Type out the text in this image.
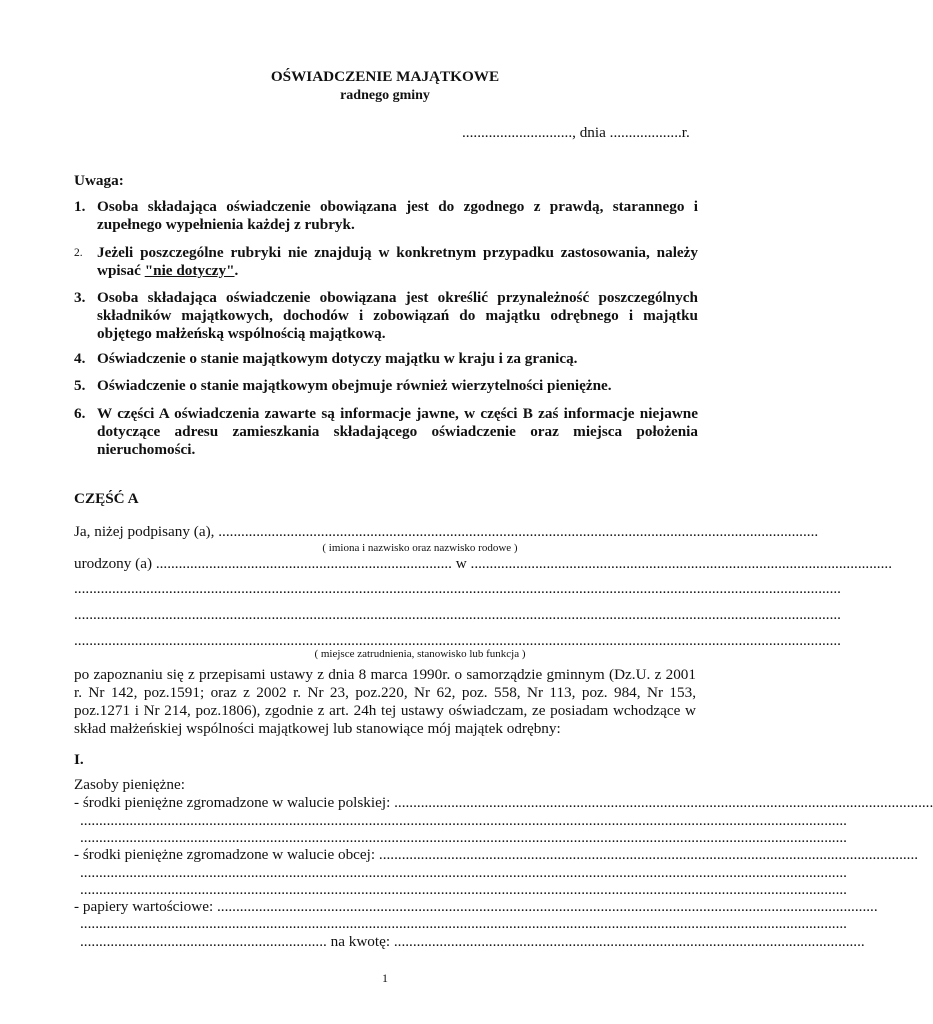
OŚWIADCZENIE MAJĄTKOWE
radnego gminy
............................., dnia ...................r.
Uwaga:
1. Osoba składająca oświadczenie obowiązana jest do zgodnego z prawdą, starannego i zupełnego wypełnienia każdej z rubryk.
2. Jeżeli poszczególne rubryki nie znajdują w konkretnym przypadku zastosowania, należy wpisać "nie dotyczy".
3. Osoba składająca oświadczenie obowiązana jest określić przynależność poszczególnych składników majątkowych, dochodów i zobowiązań do majątku odrębnego i majątku objętego małżeńską wspólnością majątkową.
4. Oświadczenie o stanie majątkowym dotyczy majątku w kraju i za granicą.
5. Oświadczenie o stanie majątkowym obejmuje również wierzytelności pieniężne.
6. W części A oświadczenia zawarte są informacje jawne, w części B zaś informacje niejawne dotyczące adresu zamieszkania składającego oświadczenie oraz miejsca położenia nieruchomości.
CZĘŚĆ A
Ja, niżej podpisany (a), ..............................................................................................................................................................
( imiona i nazwisko oraz nazwisko rodowe )
urodzony (a) .............................................................................. w ...............................................................................................................
..........................................................................................................................................................................................................
..........................................................................................................................................................................................................
..........................................................................................................................................................................................................
( miejsce zatrudnienia, stanowisko lub funkcja )
po zapoznaniu się z przepisami ustawy z dnia 8 marca 1990r. o samorządzie gminnym (Dz.U. z 2001 r. Nr 142, poz.1591; oraz z 2002 r. Nr 23, poz.220, Nr 62, poz. 558, Nr 113, poz. 984, Nr 153, poz.1271 i Nr 214, poz.1806), zgodnie z art. 24h tej ustawy oświadczam, ze posiadam wchodzące w skład małżeńskiej wspólności majątkowej lub stanowiące mój majątek odrębny:
I.
Zasoby pieniężne:
- środki pieniężne zgromadzone w walucie polskiej: ..............................................................................................................................................
..........................................................................................................................................................................................................
..........................................................................................................................................................................................................
- środki pieniężne zgromadzone w walucie obcej: ..............................................................................................................................................
..........................................................................................................................................................................................................
..........................................................................................................................................................................................................
- papiery wartościowe: ..............................................................................................................................................................................
..........................................................................................................................................................................................................
................................................................. na kwotę: ............................................................................................................................
1
